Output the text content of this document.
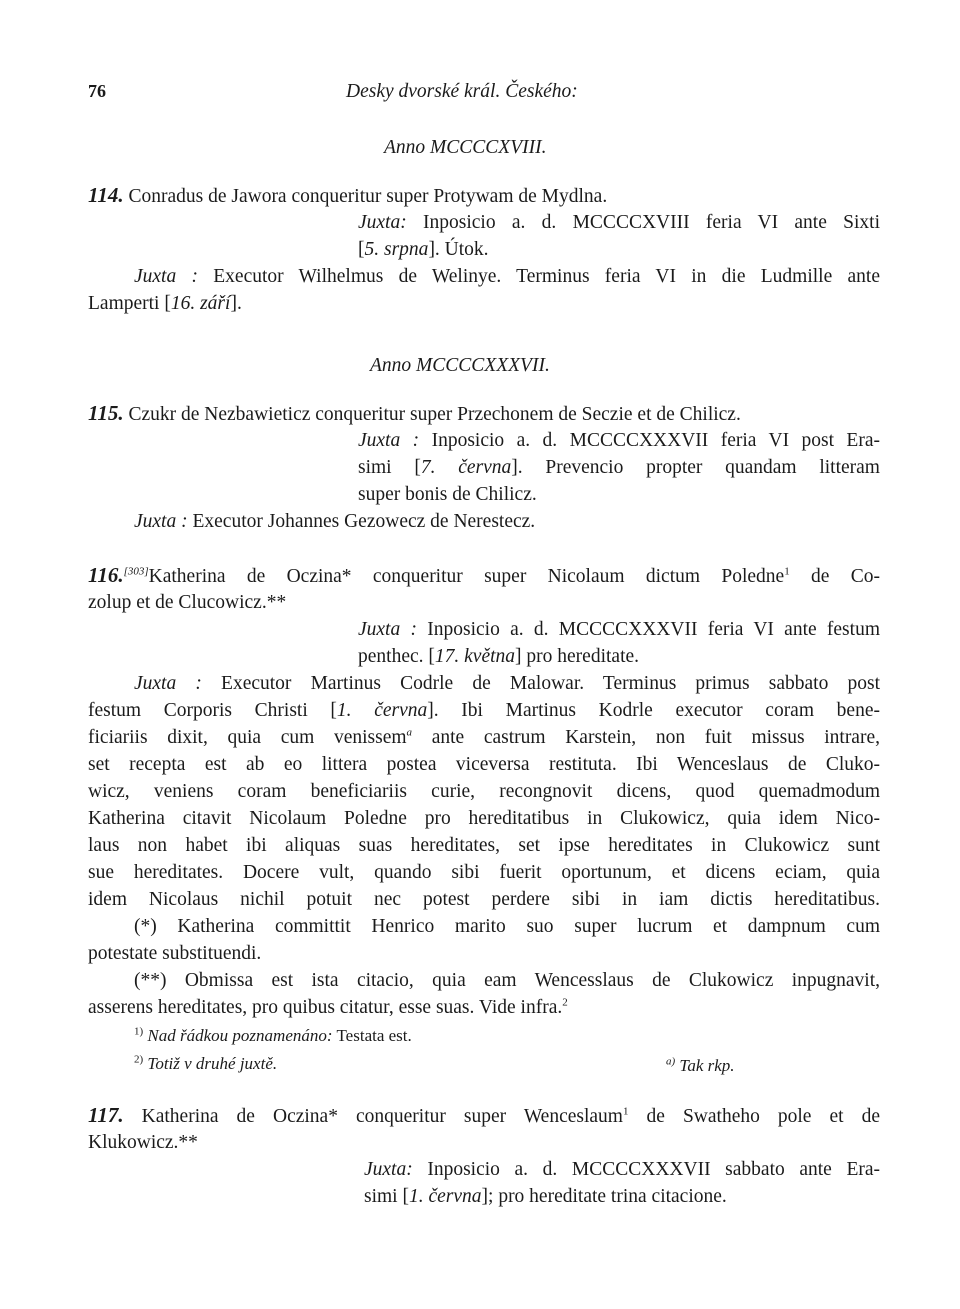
76	Desky dvorské král. Českého:
Anno MCCCCXVIII.
114. Conradus de Jawora conqueritur super Protywam de Mydlna.
Juxta: Inposicio a. d. MCCCCXVIII feria VI ante Sixti
[5. srpna]. Útok.
Juxta : Executor Wilhelmus de Welinye. Terminus feria VI in die Ludmille ante
Lamperti [16. září].
Anno MCCCCXXXVII.
115. Czukr de Nezbawieticz conqueritur super Przechonem de Seczie et de Chilicz.
Juxta : Inposicio a. d. MCCCCXXXVII feria VI post Era-
simi [7. června]. Prevencio propter quandam litteram
super bonis de Chilicz.
Juxta : Executor Johannes Gezowecz de Nerestecz.
116.[303]Katherina de Oczina* conqueritur super Nicolaum dictum Poledne$^1$ de Co-
zolup et de Clucowicz.**
Juxta : Inposicio a. d. MCCCCXXXVII feria VI ante festum
penthec. [17. května] pro hereditate.
Juxta : Executor Martinus Codrle de Malowar. Terminus primus sabbato post
festum Corporis Christi [1. června]. Ibi Martinus Kodrle executor coram bene-
ficiariis dixit, quia cum venissem$^a$ ante castrum Karstein, non fuit missus intrare,
set recepta est ab eo littera postea viceversa restituta. Ibi Wenceslaus de Cluko-
wicz, veniens coram beneficiariis curie, recongnovit dicens, quod quemadmodum
Katherina citavit Nicolaum Poledne pro hereditatibus in Clukowicz, quia idem Nico-
laus non habet ibi aliquas suas hereditates, set ipse hereditates in Clukowicz sunt
sue hereditates. Docere vult, quando sibi fuerit oportunum, et dicens eciam, quia
idem Nicolaus nichil potuit nec potest perdere sibi in iam dictis hereditatibus.
(*) Katherina committit Henrico marito suo super lucrum et dampnum cum
potestate substituendi.
(**) Obmissa est ista citacio, quia eam Wencesslaus de Clukowicz inpugnavit,
asserens hereditates, pro quibus citatur, esse suas. Vide infra.$^2$
$^{1)}$ Nad řádkou poznamenáno: Testata est.
$^{2)}$ Totiž v druhé juxtě.	$^{a)}$ Tak rkp.
117. Katherina de Oczina* conqueritur super Wenceslaum$^1$ de Swatheho pole et de
Klukowicz.**
Juxta: Inposicio a. d. MCCCCXXXVII sabbato ante Era-
simi [1. června]; pro hereditate trina citacione.
